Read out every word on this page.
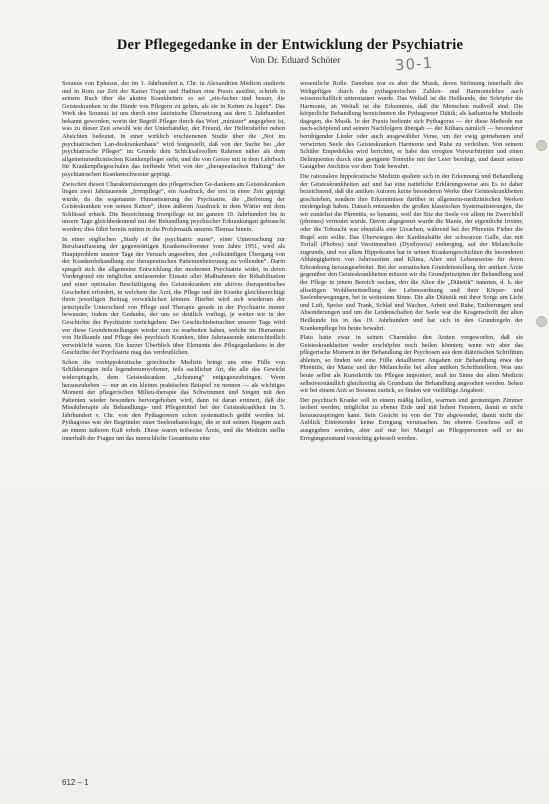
Der Pflegegedanke in der Entwicklung der Psychiatrie
Von Dr. Eduard Schöter	30-1

Soranus von Ephesus, der im 1. Jahrhundert n. Chr. in Alexandrien Medizin studierte und in Rom zur Zeit der Kaiser Trajan und Hadrian eine Praxis ausübte, schrieb in seinem Buch über die akuten Krankheiten: es sei „ein-facher und besser, die Geisteskranken in die Hände von Pflegern zu geben, als sie in Ketten zu legen“. Das Werk des Soranus ist uns durch eine lateinische Übersetzung aus dem 5. Jahrhundert bekannt geworden, worin der Begriff Pfleger durch das Wort „minister“ angegeben ist, was zu dieser Zeit sowohl wie der Unterhändler, der Freund, der Helfershelfer neben Absichten bedeutet. In einer wirklich erschienenen Studie über die „Not im psychiatrischen Lan-deskrankenhaus“ wird festgestellt, daß von der Suche bei „der psychiatrische Pfleger“ im Grunde dem Schicksalsvollen Rahmen näher als dem allgemeinmedizinischen Krankenpfleger steht, und die von Gerow mit in dem Lehrbuch für Krankenpflegeschulen das treffende Wort von der „therapeutischen Haltung“ der psychiatrischen Krankenschwester geprägt.

Zwischen diesen Charakterisierungen des pflegerischen Ge-dankens am Geisteskranken liegen zwei Jahrtausende „Irrenpflege“, ein Ausdruck, der erst in einer Zeit geprägt wurde, da die sogenannte Humanisierung der Psychiatrie, die „Befreiung der Geisteskranken von seinen Ketten“, ihren äußeren Ausdruck in dem Wärter mit dem Schlüssel erhielt. Die Bezeichnung Irrenpflege ist im ganzen 19. Jahrhundert bis in unsere Tage gleichbedeutend mit der Behandlung psychischer Erkrankungen gebraucht worden; dies führt bereits mitten in die Problematik unseres Themas hinein.

In einer englischen „Study of the psychiatric nurse“, einer Untersuchung zur Berufsauffassung der gegenwärtigen Krankenschwester vom Jahre 1951, wird als Hauptproblem unserer Tage der Versuch angesehen, den „vollständigen Übergang von der Krankenbehandlung zur therapeutischen Patientenbetreuung zu vollenden“. Darin spiegelt sich die allgemeine Entwicklung der modernen Psychiatrie wider, in deren Vordergrund ein möglichst umfassender Einsatz aller Maßnahmen der Rehabilitation und einer optimalen Beschäftigung des Geisteskranken ein aktives therapeutisches Geschehen erfordert, in welchem der Arzt, die Pflege und der Kranke gleichberechtigt ihren jeweiligen Beitrag verwirklichen können. Hierbei wird sich wiederum der prinzipielle Unterschied von Pflege und Therapie gerade in der Psychiatrie immer bewusster, indem der Gedanke, der uns so deutlich vorliegt, je weiter wir in der Geschichte der Psychiatrie zurückgehen. Der Geschichtsbetrachter unserer Tage wird vor diese Grundeinstellungen wieder nun zu erarbeiten haben, welche im Humanum von Heilkunde und Pflege des psychisch Kranken, über Jahrtausende unterschiedlich verwirklicht waren. Ein kurzer Überblick über Elemente des Pflegegedankens in der Geschichte der Psychiatrie mag das verdeutlichen.

Schon die vorhippokratische griechische Medizin bringt uns eine Fülle von Schilderungen teils legendenumwobener, teils sachlicher Art, die alle das Gewicht widerspiegeln, dem Geisteskranken „Schonung“ entgegenzubringen. Wenn herauszuheben — nur an ein kleines praktisches Beispiel zu nennen — als wichtiges Moment der pflegerischen Milieu-therapie das Schwimmen und Singen mit den Patienten wieder besonders hervorgehoben wird, dann ist daran erinnert, daß die Musiktherapie als Behandlungs- und Pflegemittel bei der Geisteskrankheit im 5. Jahrhundert v. Chr. von den Pythagoreern schon systematisch geübt worden ist. Pythagoras war der Begründer einer Seelendiaetologie, die er mit seinen Jüngern auch an einem äußeren Kult erhob. Diese waren teilweise Ärzte, und die Medizin stellte innerhalb der Fragen um das menschliche Gesamtsein eine

wesentliche Rolle. Daneben war es aber die Musik, deren Strömung innerhalb des Weltgefüges durch die pythagoreischen Zahlen- und Harmonielehre auch wissenschaftlich untermauert wurde. Das Weltall ist die Heilkunde, der Schöpfer die Harmonie, an Weltall ist die Erkenntnis, daß die Menschen maßvoll sind. Die körperliche Behandlung bezeichneten die Pythagoreer Diätik; als kathartische Methode dagegen, die Musik. In der Praxis bediente sich Pythagoras — der diese Methode nur nach-schöpfend und seinen Nachfolgern übergab — der Kithara nämlich — besonderer beruhigender Lieder oder auch ausgewählter Verse, um der ewig getriebenen und verwirrten Seele des Geisteskranken Harmonie und Ruhe zu verleihen. Von seinem Schüler Empedokles wird berichtet, er habe den erregten Vorwurfstreiter und einen Delinquenten durch eine geeignete Tonreihe mit der Leier beruhigt, und damit seinen Gastgeber Anchitos vor dem Tode bewahrt.

Die rationalere hippokratische Medizin spaltete sich in der Erkennung und Behandlung der Geisteskrankheiten auf und hat eine natürliche Erklärungsweise aus Es ist daher bezeichnend, daß die antiken Autoren keine besonderen Werke über Geisteskrankheiten geschrieben, sondern ihre Erkenntnisse darüber in allgemein-medizinischen Werken niedergelegt haben. Danach entstanden die großen klassischen Systematisierungen, die wir zunächst die Phrenitis, so benannt, weil der Sitz der Seele vor allem im Zwerchfell (phrenes) vermutet wurde. Davon abgegrenzt wurde die Manie, der eigentliche Irrsinn; oder die Tobsucht war ebenfalls eine Ursachen, während bei der Phrenitis Fieber die Regel sein sollte. Das Überwiegen der Kardinalsäfte der schwarzen Galle, das mit Torfall (Phobos) und Verstimmtheit (Dysthymia) einherging, auf der Melancholie zugrunde, und vor allem Hippokrates hat in seinen Krankengeschichten die besonderen Abhängigkeiten von Jahreszeiten und Klima, Alter und Lebensweise für deren Erkrankung herausgearbeitet. Bei der somatischen Grundeinstellung der antiken Ärzte gegenüber den Geisteskrankheiten müssen wir die Grundprinzipien der Behandlung und der Pflege in jenem Bereich suchen, den die Alten die „Diätetik“ nannten, d. h. der allseitigen Wohlbereitstellung der Lebensordnung und ihrer Körper- und Seelenbewegungen, bei in weitestem Sinne. Die alte Diätetik mit ihrer Sorge um Licht und Luft, Speise und Trank, Schlaf und Wachen, Arbeit und Ruhe, Entleerungen und Absonderungen und um die Leidenschaften der Seele war die Kragenschrift der alten Heilkunde bis in das 19. Jahrhundert und hat sich in den Grundregeln der Krankenpflege bis heute bewahrt.

Plato hatte zwar in seinen Charmides den Arzten vorgeworfen, daß sie Geisteskrankheiten weder erschöpfen noch heilen könnten; wenn wir aber das pflegerische Moment in der Behandlung der Psychosen aus dem diätetischen Schrifttum ableiten, so finden wir eine Fülle detaillierter Angaben zur Behandlung etwa der Phrenitis, der Manie und der Melancholie bei allen antiken Schriftstellern. Was uns heute selbst als Kunstkritik im Pflegen imponiert, muß im Sinne der alten Medizin selbstverständlich gleichzeitig als Grundsatz der Behandlung angesehen werden. Sehen wir bei einem Arzt so Soranus zurück, so finden wir vielfältige Angaben:

Der psychisch Kranke soll in einem mäßig hellen, warmen und geräumigen Zimmer isoliert werden, möglichst zu ebener Erde und mit hohen Fenstern, damit er nicht herauszuspringen kann. Sein Gesicht ist von der Tür abgewendet, damit nicht die Anblick Eintretender keine Erregung verursachen. Im oberen Geschoss soll er ausgegeben werden, aber auf nur bei Mangel an Pflegepersonen soll er im Erregungszustand vorsichtig gefesselt werden.

612 – 1
